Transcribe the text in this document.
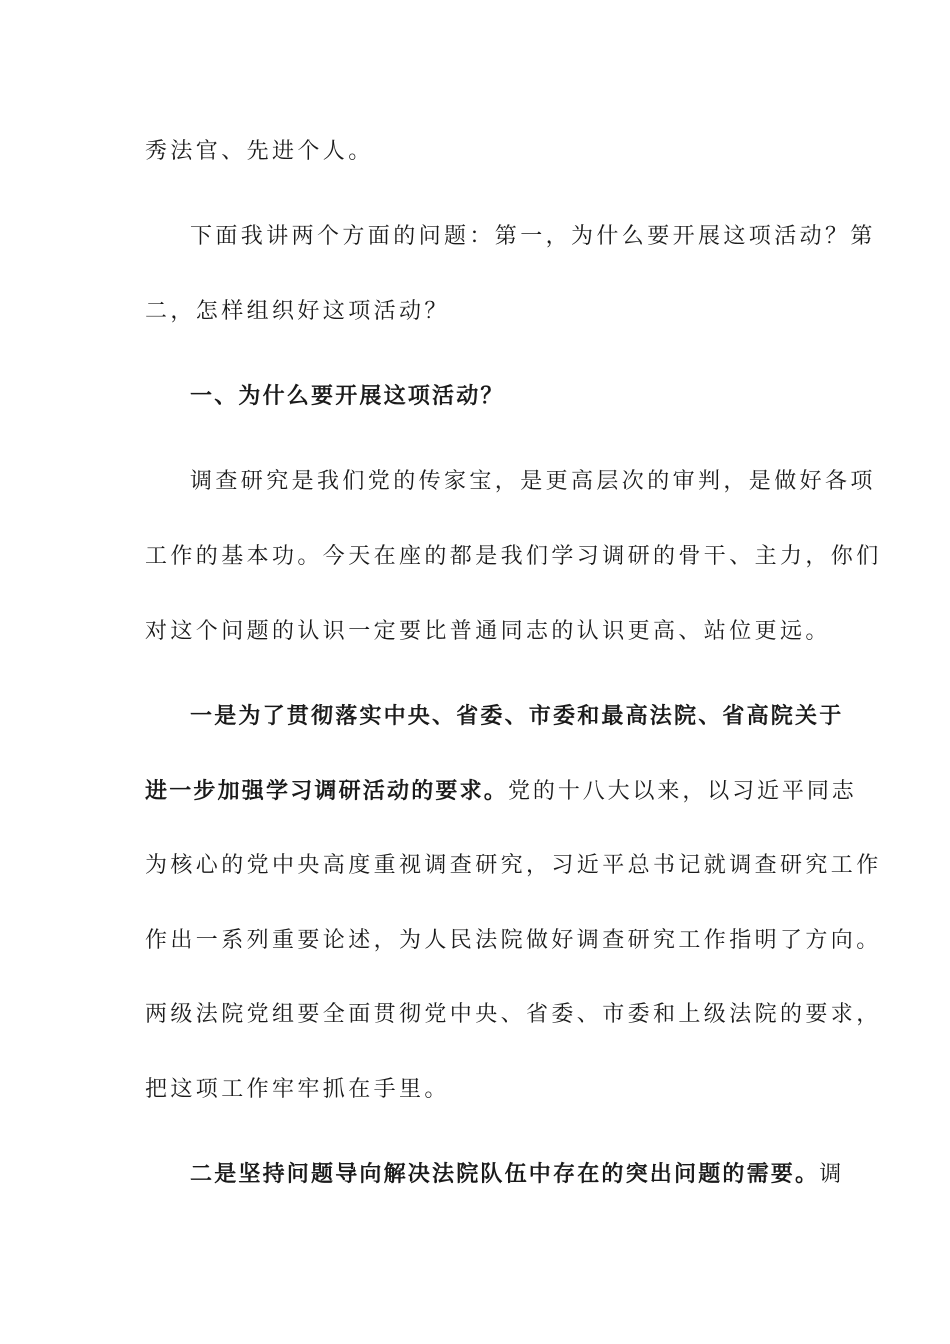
秀法官、先进个人。
下面我讲两个方面的问题：第一，为什么要开展这项活动？第
二，怎样组织好这项活动？
一、为什么要开展这项活动？
调查研究是我们党的传家宝，是更高层次的审判，是做好各项
工作的基本功。今天在座的都是我们学习调研的骨干、主力，你们
对这个问题的认识一定要比普通同志的认识更高、站位更远。
一是为了贯彻落实中央、省委、市委和最高法院、省高院关于
进一步加强学习调研活动的要求。党的十八大以来，以习近平同志
为核心的党中央高度重视调查研究，习近平总书记就调查研究工作
作出一系列重要论述，为人民法院做好调查研究工作指明了方向。
两级法院党组要全面贯彻党中央、省委、市委和上级法院的要求，
把这项工作牢牢抓在手里。
二是坚持问题导向解决法院队伍中存在的突出问题的需要。调
